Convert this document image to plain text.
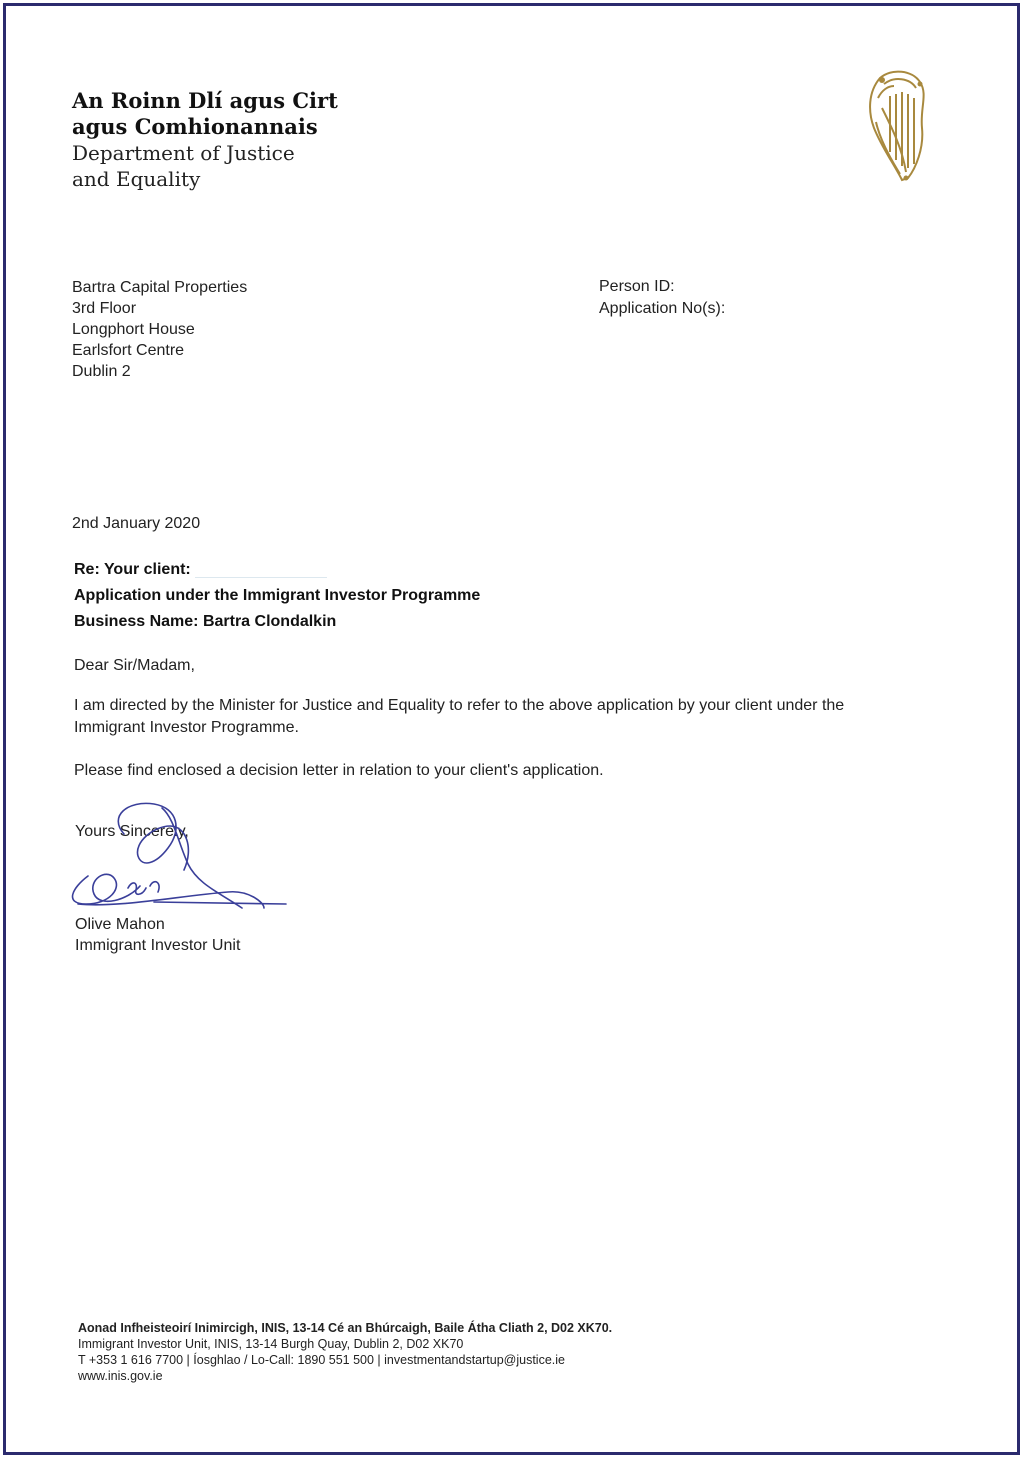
An Roinn Dlí agus Cirt
agus Comhionannais
Department of Justice
and Equality
Bartra Capital Properties
3rd Floor
Longphort House
Earlsfort Centre
Dublin 2
Person ID:
Application No(s):
2nd January 2020
Re: Your client:
Application under the Immigrant Investor Programme
Business Name: Bartra Clondalkin
Dear Sir/Madam,
I am directed by the Minister for Justice and Equality to refer to the above application by your client under the Immigrant Investor Programme.
Please find enclosed a decision letter in relation to your client's application.
Yours Sincerely,
Olive Mahon
Immigrant Investor Unit
Aonad Infheisteoirí Inimircigh, INIS, 13-14 Cé an Bhúrcaigh, Baile Átha Cliath 2, D02 XK70.
Immigrant Investor Unit, INIS, 13-14 Burgh Quay, Dublin 2, D02 XK70
T +353 1 616 7700 | Íosghlao / Lo-Call: 1890 551 500 | investmentandstartup@justice.ie
www.inis.gov.ie
